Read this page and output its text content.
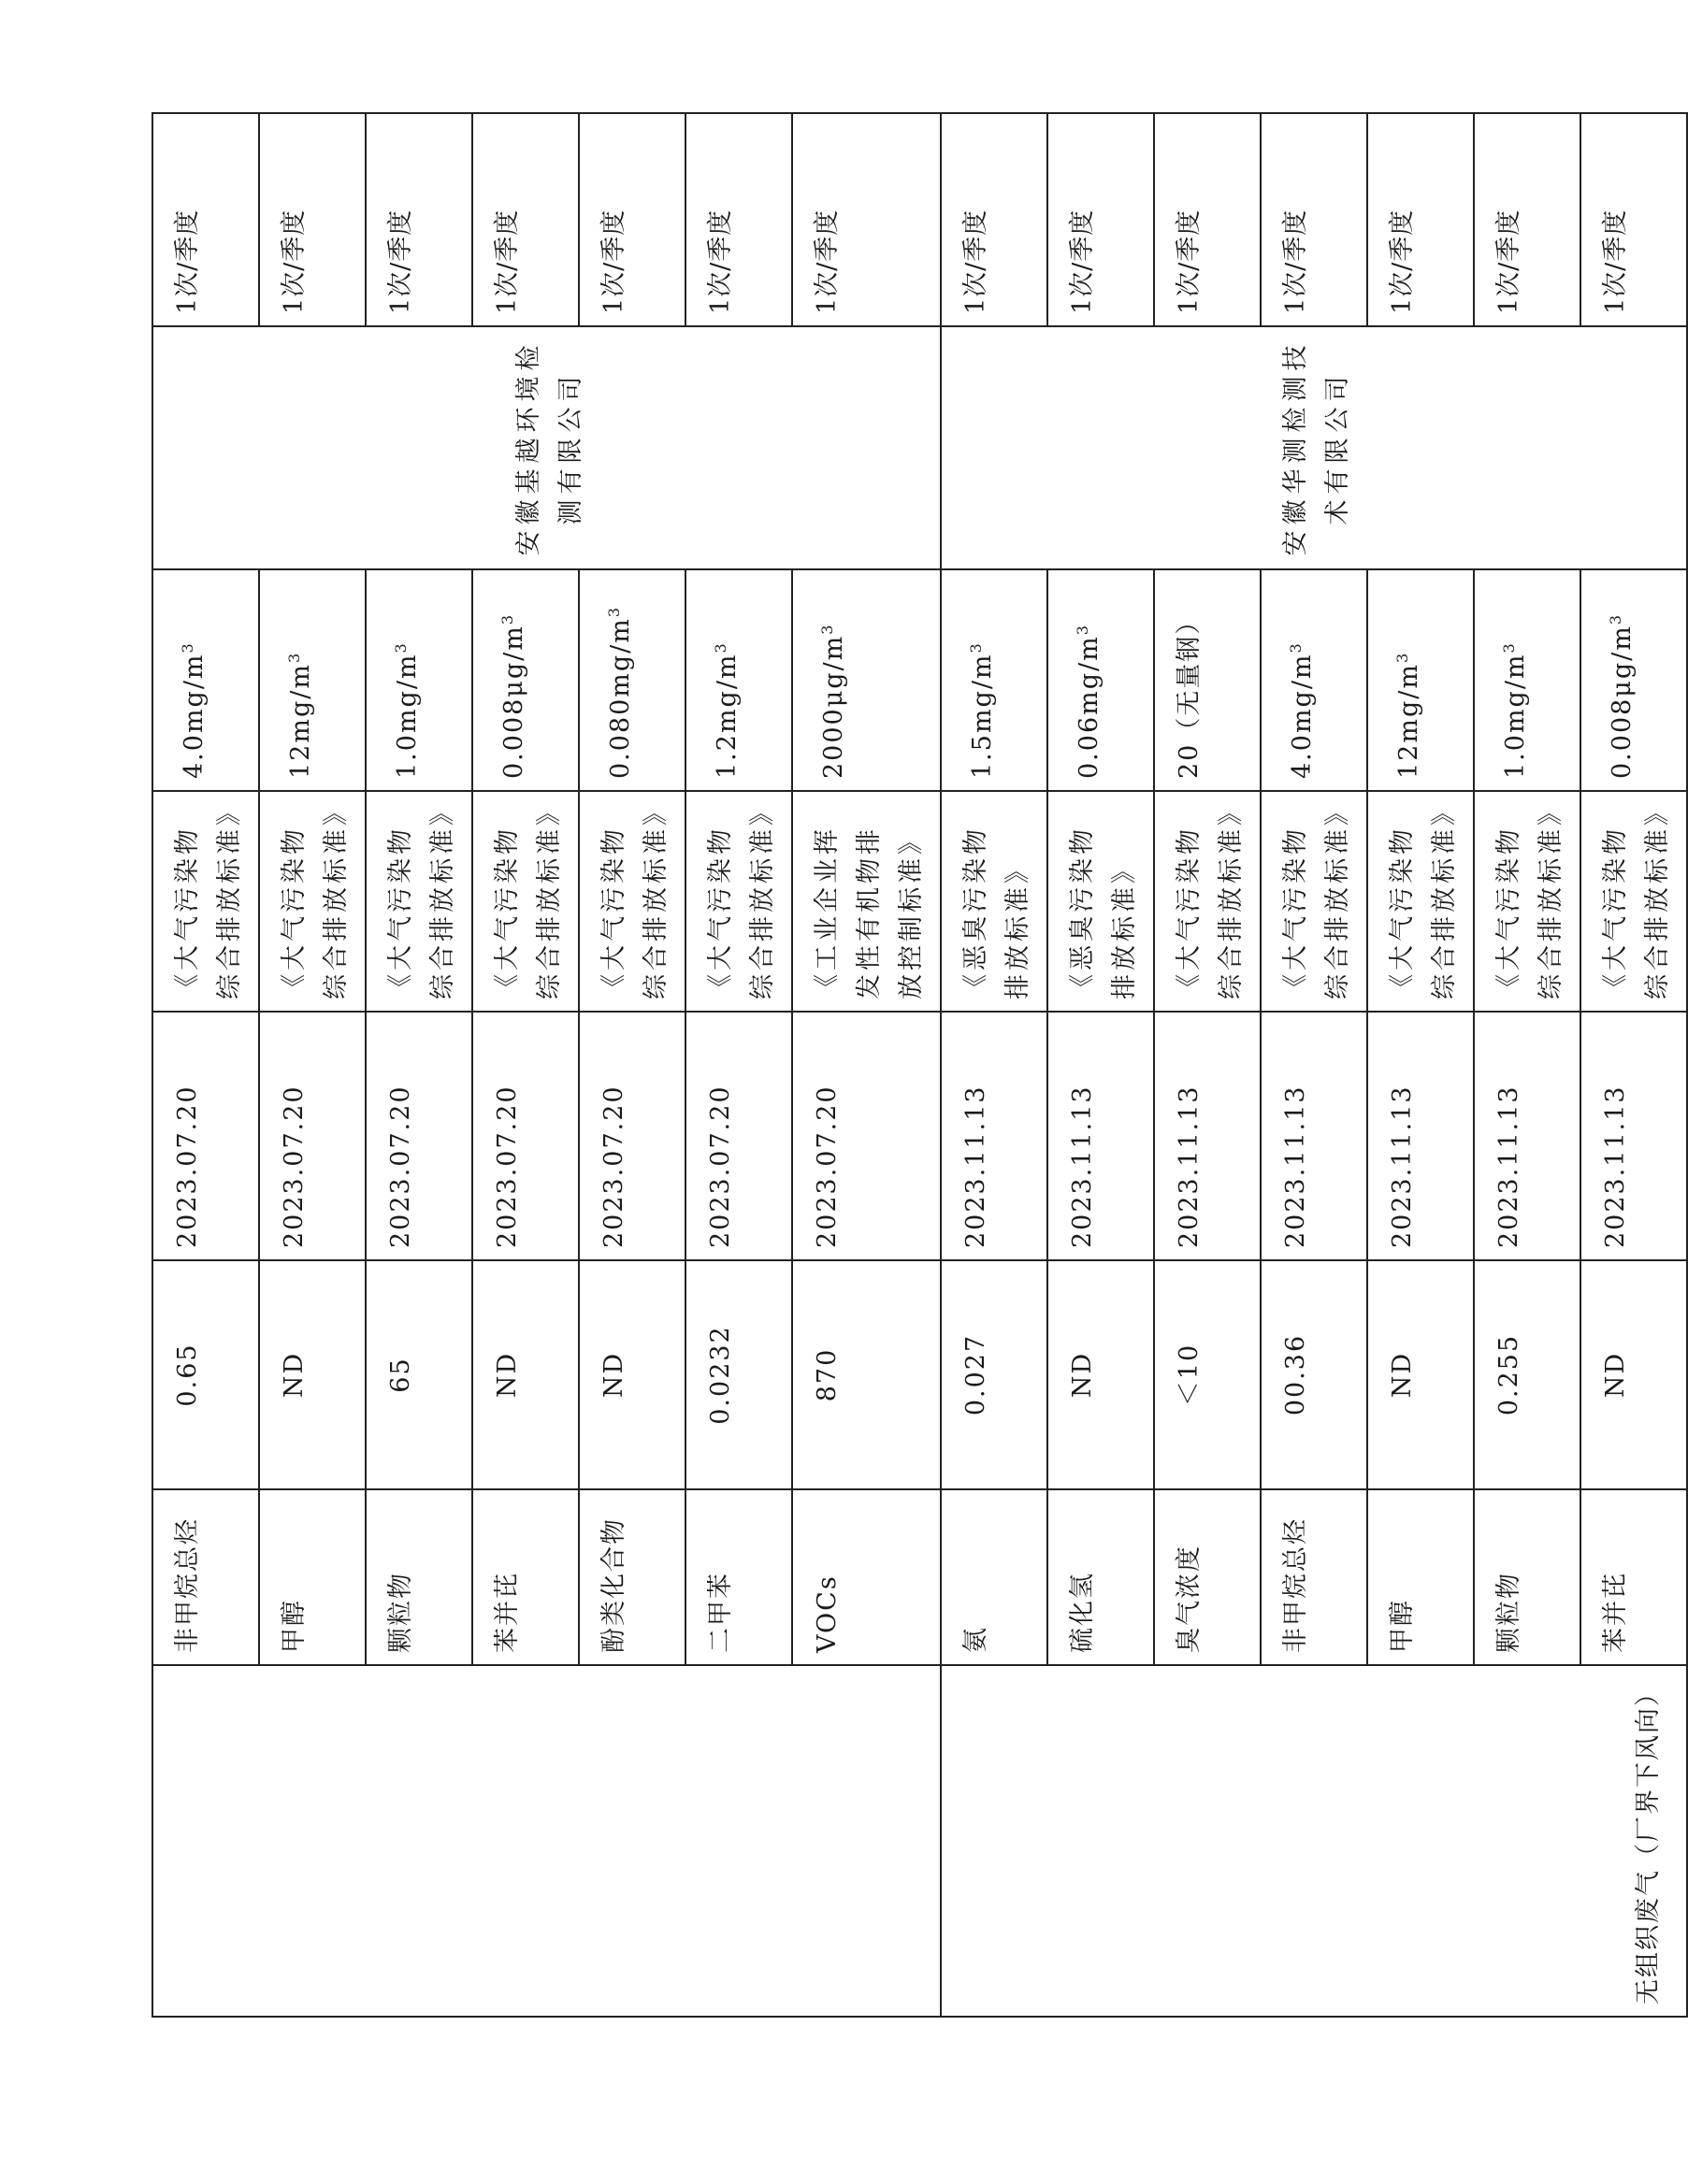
	非甲烷总烃	0.65	2023.07.20	《大气污染物综合排放标准》	$4.0mg/m^3$	安徽基越环境检测有限公司	1次/季度
	甲醇	ND	2023.07.20	《大气污染物综合排放标准》	$12mg/m^3$		1次/季度
	颗粒物	65	2023.07.20	《大气污染物综合排放标准》	$1.0mg/m^3$		1次/季度
	苯并芘	ND	2023.07.20	《大气污染物综合排放标准》	$0.008\mu g/m^3$		1次/季度
	酚类化合物	ND	2023.07.20	《大气污染物综合排放标准》	$0.080mg/m^3$		1次/季度
	二甲苯	0.0232	2023.07.20	《大气污染物综合排放标准》	$1.2mg/m^3$		1次/季度
	VOCs	870	2023.07.20	《工业企业挥发性有机物排放控制标准》	$2000\mu g/m^3$		1次/季度
无组织废气（厂界下风向）	氨	0.027	2023.11.13	《恶臭污染物排放标准》	$1.5mg/m^3$	安徽华测检测技术有限公司	1次/季度
	硫化氢	ND	2023.11.13	《恶臭污染物排放标准》	$0.06mg/m^3$		1次/季度
	臭气浓度	＜10	2023.11.13	《大气污染物综合排放标准》	20（无量钢）		1次/季度
	非甲烷总烃	00.36	2023.11.13	《大气污染物综合排放标准》	$4.0mg/m^3$		1次/季度
	甲醇	ND	2023.11.13	《大气污染物综合排放标准》	$12mg/m^3$		1次/季度
	颗粒物	0.255	2023.11.13	《大气污染物综合排放标准》	$1.0mg/m^3$		1次/季度
	苯并芘	ND	2023.11.13	《大气污染物综合排放标准》	$0.008\mu g/m^3$		1次/季度
